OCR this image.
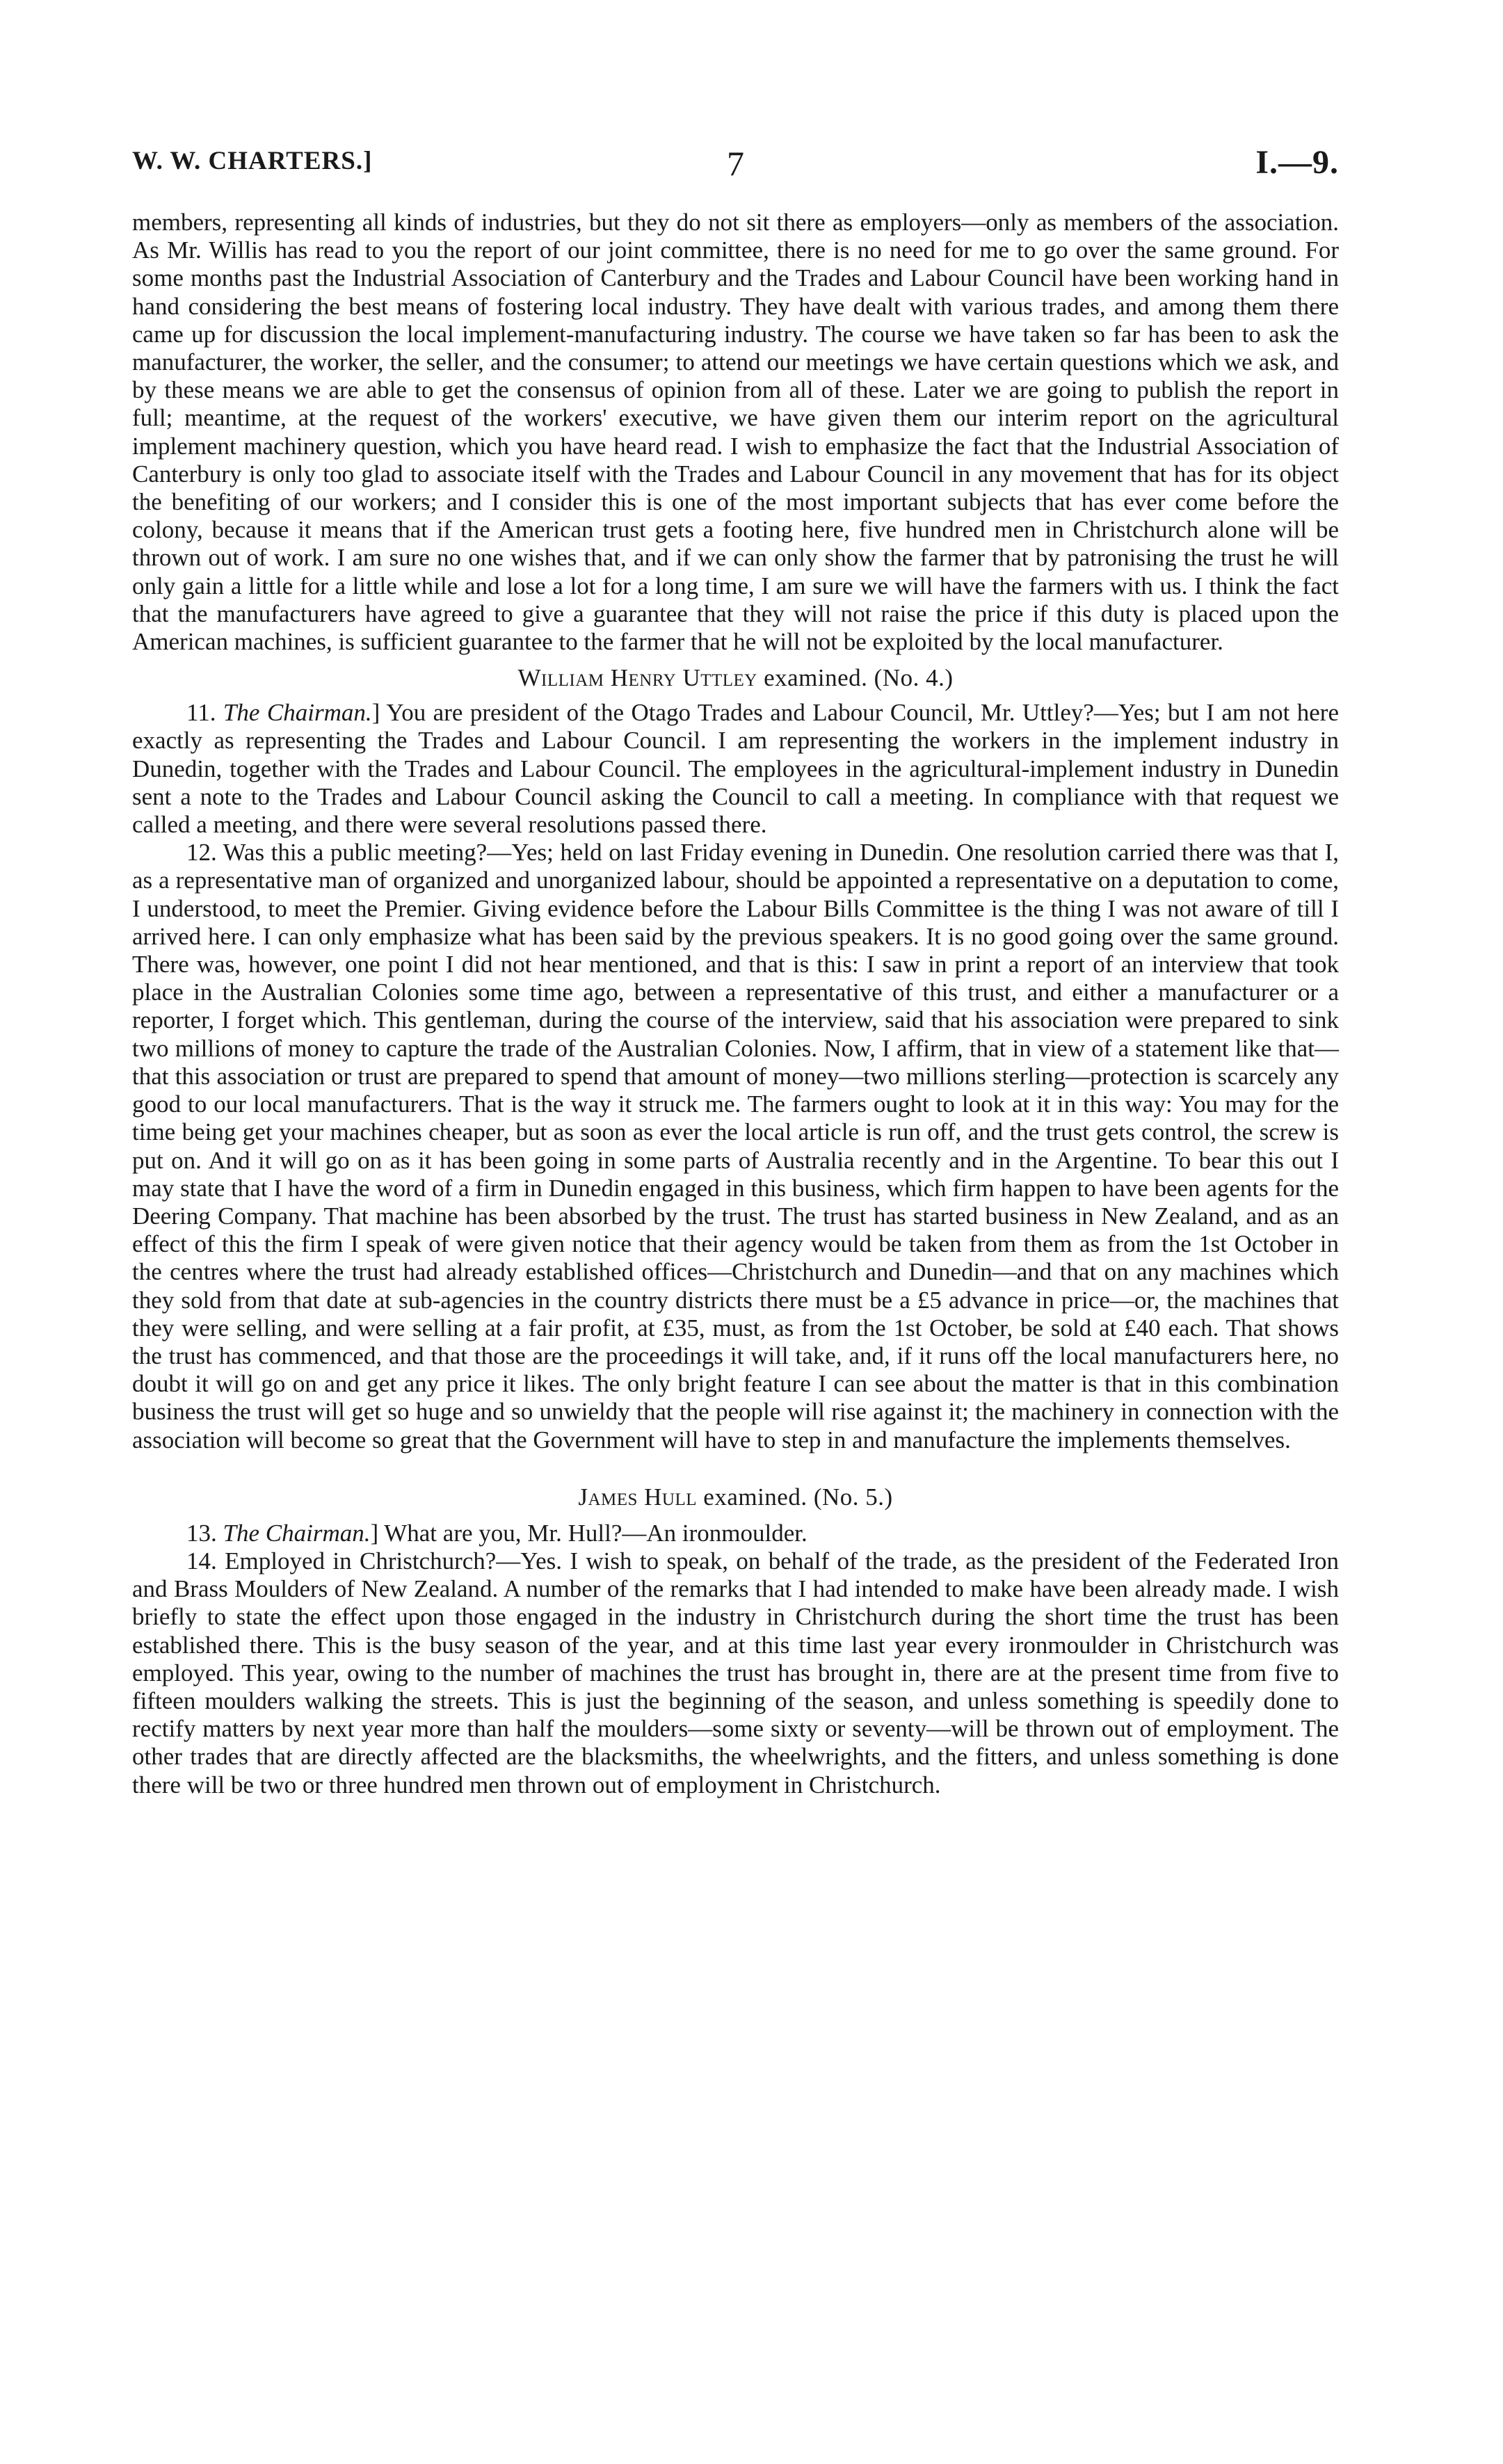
W. W. CHARTERS.]	7	I.—9.

members, representing all kinds of industries, but they do not sit there as employers—only as members of the association. As Mr. Willis has read to you the report of our joint committee, there is no need for me to go over the same ground. For some months past the Industrial Association of Canterbury and the Trades and Labour Council have been working hand in hand considering the best means of fostering local industry. They have dealt with various trades, and among them there came up for discussion the local implement-manufacturing industry. The course we have taken so far has been to ask the manufacturer, the worker, the seller, and the consumer; to attend our meetings we have certain questions which we ask, and by these means we are able to get the consensus of opinion from all of these. Later we are going to publish the report in full; meantime, at the request of the workers' executive, we have given them our interim report on the agricultural implement machinery question, which you have heard read. I wish to emphasize the fact that the Industrial Association of Canterbury is only too glad to associate itself with the Trades and Labour Council in any movement that has for its object the benefiting of our workers; and I consider this is one of the most important subjects that has ever come before the colony, because it means that if the American trust gets a footing here, five hundred men in Christchurch alone will be thrown out of work. I am sure no one wishes that, and if we can only show the farmer that by patronising the trust he will only gain a little for a little while and lose a lot for a long time, I am sure we will have the farmers with us. I think the fact that the manufacturers have agreed to give a guarantee that they will not raise the price if this duty is placed upon the American machines, is sufficient guarantee to the farmer that he will not be exploited by the local manufacturer.

William Henry Uttley examined. (No. 4.)

11. The Chairman.] You are president of the Otago Trades and Labour Council, Mr. Uttley?—Yes; but I am not here exactly as representing the Trades and Labour Council. I am representing the workers in the implement industry in Dunedin, together with the Trades and Labour Council. The employees in the agricultural-implement industry in Dunedin sent a note to the Trades and Labour Council asking the Council to call a meeting. In compliance with that request we called a meeting, and there were several resolutions passed there.

12. Was this a public meeting?—Yes; held on last Friday evening in Dunedin. One resolution carried there was that I, as a representative man of organized and unorganized labour, should be appointed a representative on a deputation to come, I understood, to meet the Premier. Giving evidence before the Labour Bills Committee is the thing I was not aware of till I arrived here. I can only emphasize what has been said by the previous speakers. It is no good going over the same ground. There was, however, one point I did not hear mentioned, and that is this: I saw in print a report of an interview that took place in the Australian Colonies some time ago, between a representative of this trust, and either a manufacturer or a reporter, I forget which. This gentleman, during the course of the interview, said that his association were prepared to sink two millions of money to capture the trade of the Australian Colonies. Now, I affirm, that in view of a statement like that—that this association or trust are prepared to spend that amount of money—two millions sterling—protection is scarcely any good to our local manufacturers. That is the way it struck me. The farmers ought to look at it in this way: You may for the time being get your machines cheaper, but as soon as ever the local article is run off, and the trust gets control, the screw is put on. And it will go on as it has been going in some parts of Australia recently and in the Argentine. To bear this out I may state that I have the word of a firm in Dunedin engaged in this business, which firm happen to have been agents for the Deering Company. That machine has been absorbed by the trust. The trust has started business in New Zealand, and as an effect of this the firm I speak of were given notice that their agency would be taken from them as from the 1st October in the centres where the trust had already established offices—Christchurch and Dunedin—and that on any machines which they sold from that date at sub-agencies in the country districts there must be a £5 advance in price—or, the machines that they were selling, and were selling at a fair profit, at £35, must, as from the 1st October, be sold at £40 each. That shows the trust has commenced, and that those are the proceedings it will take, and, if it runs off the local manufacturers here, no doubt it will go on and get any price it likes. The only bright feature I can see about the matter is that in this combination business the trust will get so huge and so unwieldy that the people will rise against it; the machinery in connection with the association will become so great that the Government will have to step in and manufacture the implements themselves.

James Hull examined. (No. 5.)

13. The Chairman.] What are you, Mr. Hull?—An ironmoulder.

14. Employed in Christchurch?—Yes. I wish to speak, on behalf of the trade, as the president of the Federated Iron and Brass Moulders of New Zealand. A number of the remarks that I had intended to make have been already made. I wish briefly to state the effect upon those engaged in the industry in Christchurch during the short time the trust has been established there. This is the busy season of the year, and at this time last year every ironmoulder in Christchurch was employed. This year, owing to the number of machines the trust has brought in, there are at the present time from five to fifteen moulders walking the streets. This is just the beginning of the season, and unless something is speedily done to rectify matters by next year more than half the moulders—some sixty or seventy—will be thrown out of employment. The other trades that are directly affected are the blacksmiths, the wheelwrights, and the fitters, and unless something is done there will be two or three hundred men thrown out of employment in Christchurch.
